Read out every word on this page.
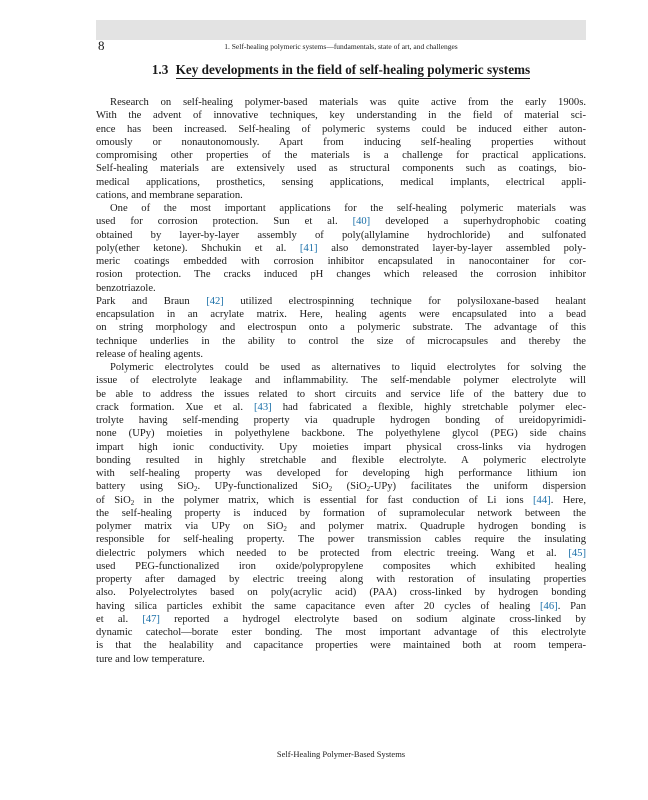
8	1. Self-healing polymeric systems—fundamentals, state of art, and challenges
1.3 Key developments in the field of self-healing polymeric systems
Research on self-healing polymer-based materials was quite active from the early 1900s.
With the advent of innovative techniques, key understanding in the field of material sci-
ence has been increased. Self-healing of polymeric systems could be induced either auton-
omously or nonautonomously. Apart from inducing self-healing properties without
compromising other properties of the materials is a challenge for practical applications.
Self-healing materials are extensively used as structural components such as coatings, bio-
medical applications, prosthetics, sensing applications, medical implants, electrical appli-
cations, and membrane separation.
One of the most important applications for the self-healing polymeric materials was
used for corrosion protection. Sun et al. [40] developed a superhydrophobic coating
obtained by layer-by-layer assembly of poly(allylamine hydrochloride) and sulfonated
poly(ether ketone). Shchukin et al. [41] also demonstrated layer-by-layer assembled poly-
meric coatings embedded with corrosion inhibitor encapsulated in nanocontainer for cor-
rosion protection. The cracks induced pH changes which released the corrosion inhibitor
benzotriazole.
Park and Braun [42] utilized electrospinning technique for polysiloxane-based healant
encapsulation in an acrylate matrix. Here, healing agents were encapsulated into a bead
on string morphology and electrospun onto a polymeric substrate. The advantage of this
technique underlies in the ability to control the size of microcapsules and thereby the
release of healing agents.
Polymeric electrolytes could be used as alternatives to liquid electrolytes for solving the
issue of electrolyte leakage and inflammability. The self-mendable polymer electrolyte will
be able to address the issues related to short circuits and service life of the battery due to
crack formation. Xue et al. [43] had fabricated a flexible, highly stretchable polymer elec-
trolyte having self-mending property via quadruple hydrogen bonding of ureidopyrimidi-
none (UPy) moieties in polyethylene backbone. The polyethylene glycol (PEG) side chains
impart high ionic conductivity. Upy moieties impart physical cross-links via hydrogen
bonding resulted in highly stretchable and flexible electrolyte. A polymeric electrolyte
with self-healing property was developed for developing high performance lithium ion
battery using SiO$_2$. UPy-functionalized SiO$_2$ (SiO$_2$-UPy) facilitates the uniform dispersion
of SiO$_2$ in the polymer matrix, which is essential for fast conduction of Li ions [44]. Here,
the self-healing property is induced by formation of supramolecular network between the
polymer matrix via UPy on SiO$_2$ and polymer matrix. Quadruple hydrogen bonding is
responsible for self-healing property. The power transmission cables require the insulating
dielectric polymers which needed to be protected from electric treeing. Wang et al. [45]
used PEG-functionalized iron oxide/polypropylene composites which exhibited healing
property after damaged by electric treeing along with restoration of insulating properties
also. Polyelectrolytes based on poly(acrylic acid) (PAA) cross-linked by hydrogen bonding
having silica particles exhibit the same capacitance even after 20 cycles of healing [46]. Pan
et al. [47] reported a hydrogel electrolyte based on sodium alginate cross-linked by
dynamic catechol—borate ester bonding. The most important advantage of this electrolyte
is that the healability and capacitance properties were maintained both at room tempera-
ture and low temperature.
Self-Healing Polymer-Based Systems
